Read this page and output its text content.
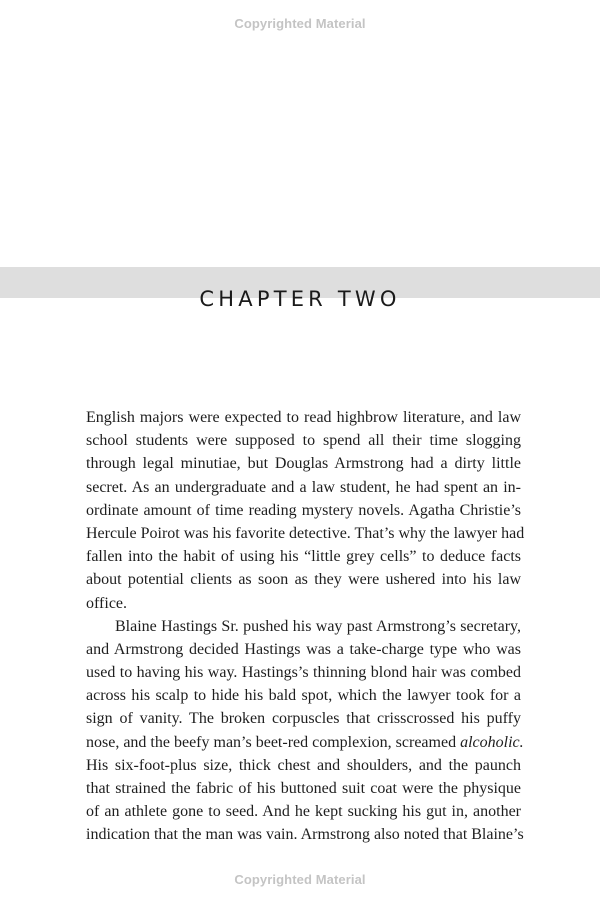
Copyrighted Material
CHAPTER TWO

English majors were expected to read highbrow literature, and law
school students were supposed to spend all their time slogging
through legal minutiae, but Douglas Armstrong had a dirty little
secret. As an undergraduate and a law student, he had spent an in-
ordinate amount of time reading mystery novels. Agatha Christie’s
Hercule Poirot was his favorite detective. That’s why the lawyer had
fallen into the habit of using his “little grey cells” to deduce facts
about potential clients as soon as they were ushered into his law
office.

Blaine Hastings Sr. pushed his way past Armstrong’s secretary,
and Armstrong decided Hastings was a take-charge type who was
used to having his way. Hastings’s thinning blond hair was combed
across his scalp to hide his bald spot, which the lawyer took for a
sign of vanity. The broken corpuscles that crisscrossed his puffy
nose, and the beefy man’s beet-red complexion, screamed alcoholic.
His six-foot-plus size, thick chest and shoulders, and the paunch
that strained the fabric of his buttoned suit coat were the physique
of an athlete gone to seed. And he kept sucking his gut in, another
indication that the man was vain. Armstrong also noted that Blaine’s

Copyrighted Material
